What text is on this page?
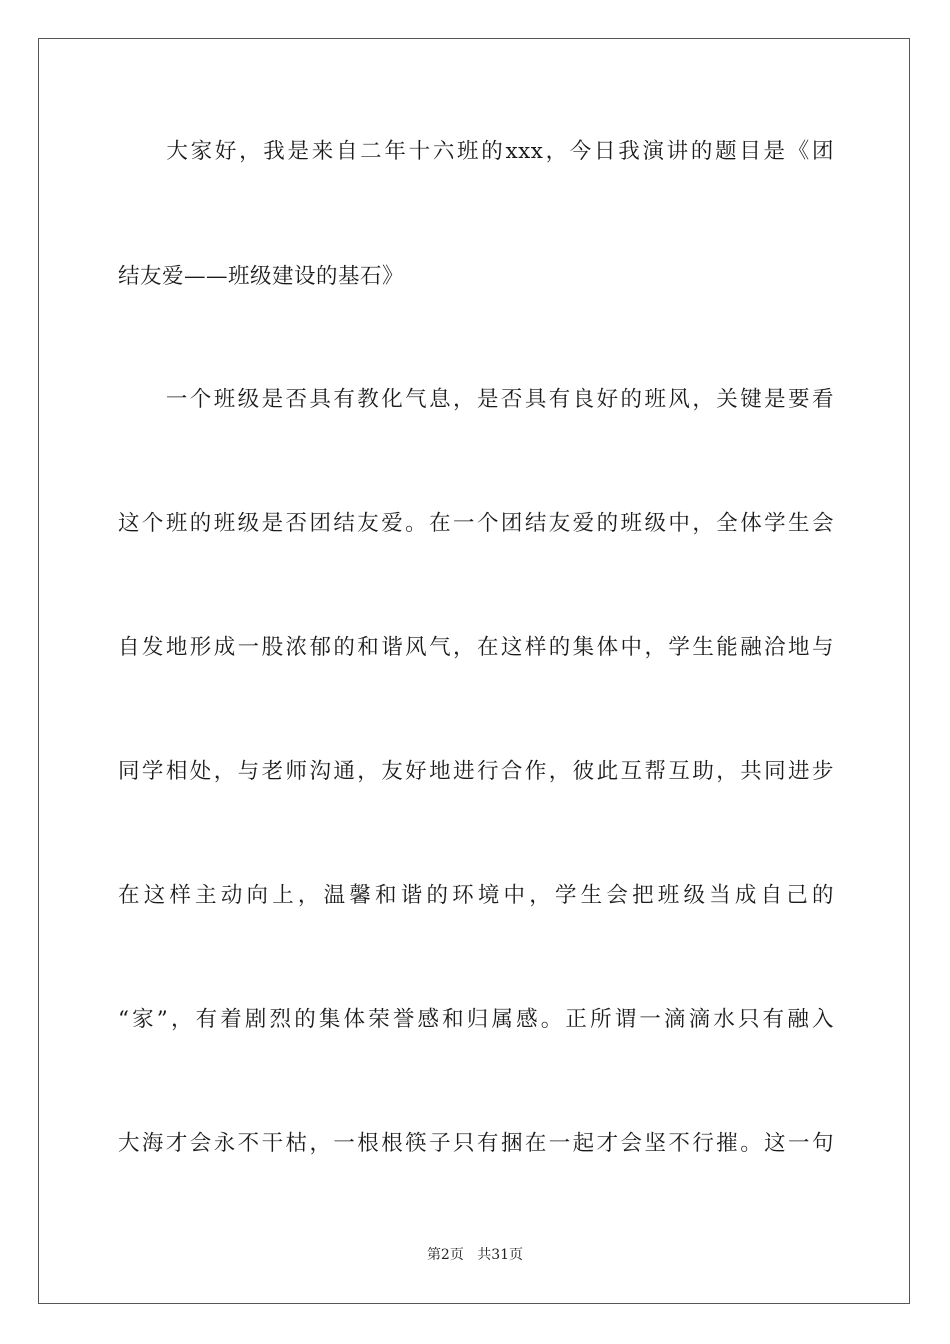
　　大家好，我是来自二年十六班的xxx，今日我演讲的题目是《团
结友爱——班级建设的基石》
　　一个班级是否具有教化气息，是否具有良好的班风，关键是要看
这个班的班级是否团结友爱。在一个团结友爱的班级中，全体学生会
自发地形成一股浓郁的和谐风气，在这样的集体中，学生能融洽地与
同学相处，与老师沟通，友好地进行合作，彼此互帮互助，共同进步
在这样主动向上，温馨和谐的环境中，学生会把班级当成自己的
“家”，有着剧烈的集体荣誉感和归属感。正所谓一滴滴水只有融入
大海才会永不干枯，一根根筷子只有捆在一起才会坚不行摧。这一句
第2页 共31页
